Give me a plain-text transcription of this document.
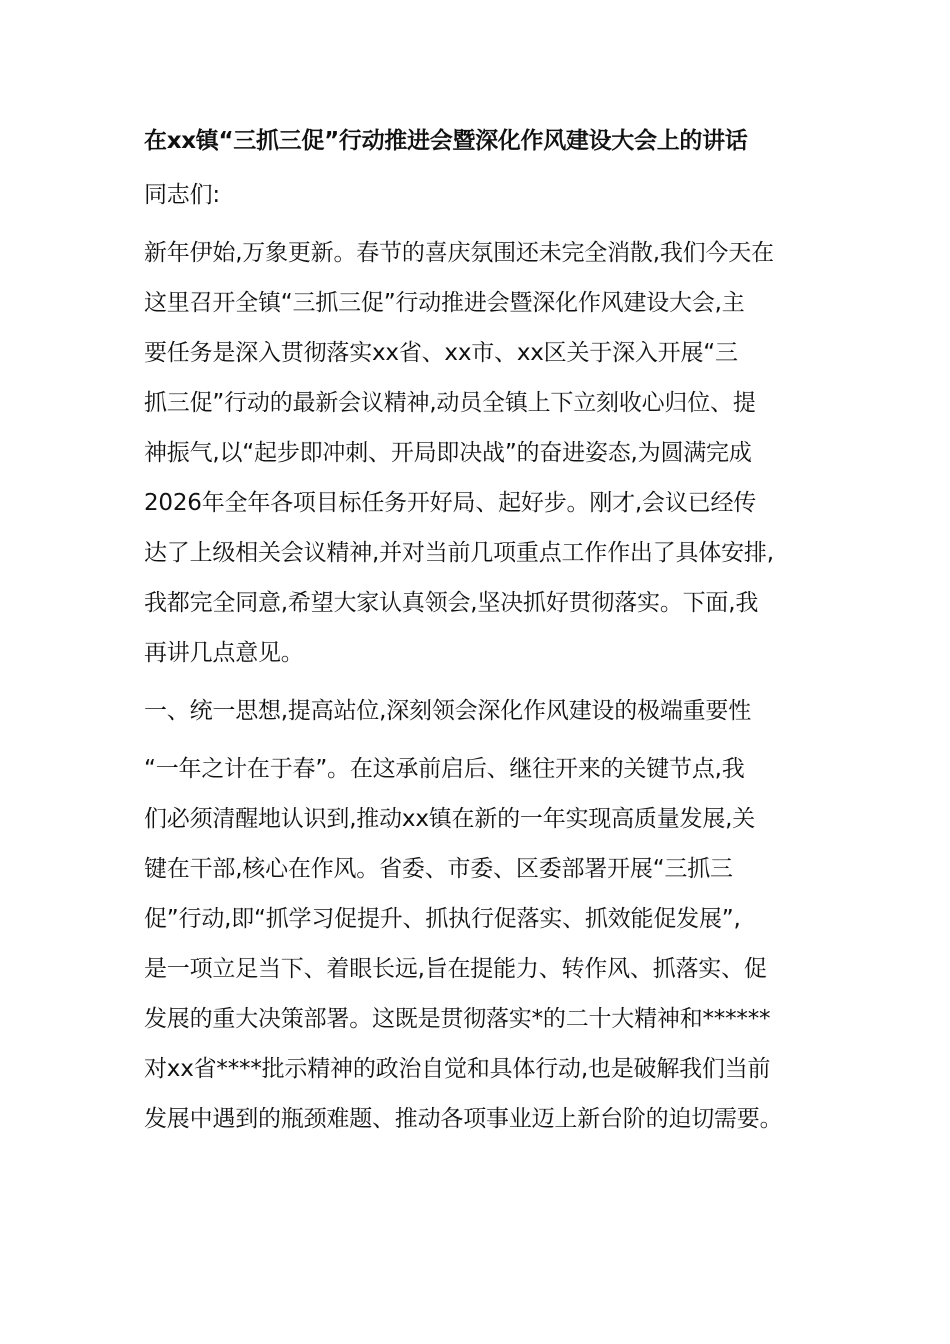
在xx镇“三抓三促”行动推进会暨深化作风建设大会上的讲话
同志们:
新年伊始,万象更新。春节的喜庆氛围还未完全消散,我们今天在
这里召开全镇“三抓三促”行动推进会暨深化作风建设大会,主
要任务是深入贯彻落实xx省、xx市、xx区关于深入开展“三
抓三促”行动的最新会议精神,动员全镇上下立刻收心归位、提
神振气,以“起步即冲刺、开局即决战”的奋进姿态,为圆满完成
2026年全年各项目标任务开好局、起好步。刚才,会议已经传
达了上级相关会议精神,并对当前几项重点工作作出了具体安排,
我都完全同意,希望大家认真领会,坚决抓好贯彻落实。下面,我
再讲几点意见。
一、统一思想,提高站位,深刻领会深化作风建设的极端重要性
“一年之计在于春”。在这承前启后、继往开来的关键节点,我
们必须清醒地认识到,推动xx镇在新的一年实现高质量发展,关
键在干部,核心在作风。省委、市委、区委部署开展“三抓三
促”行动,即“抓学习促提升、抓执行促落实、抓效能促发展”,
是一项立足当下、着眼长远,旨在提能力、转作风、抓落实、促
发展的重大决策部署。这既是贯彻落实*的二十大精神和******
对xx省****批示精神的政治自觉和具体行动,也是破解我们当前
发展中遇到的瓶颈难题、推动各项事业迈上新台阶的迫切需要。
